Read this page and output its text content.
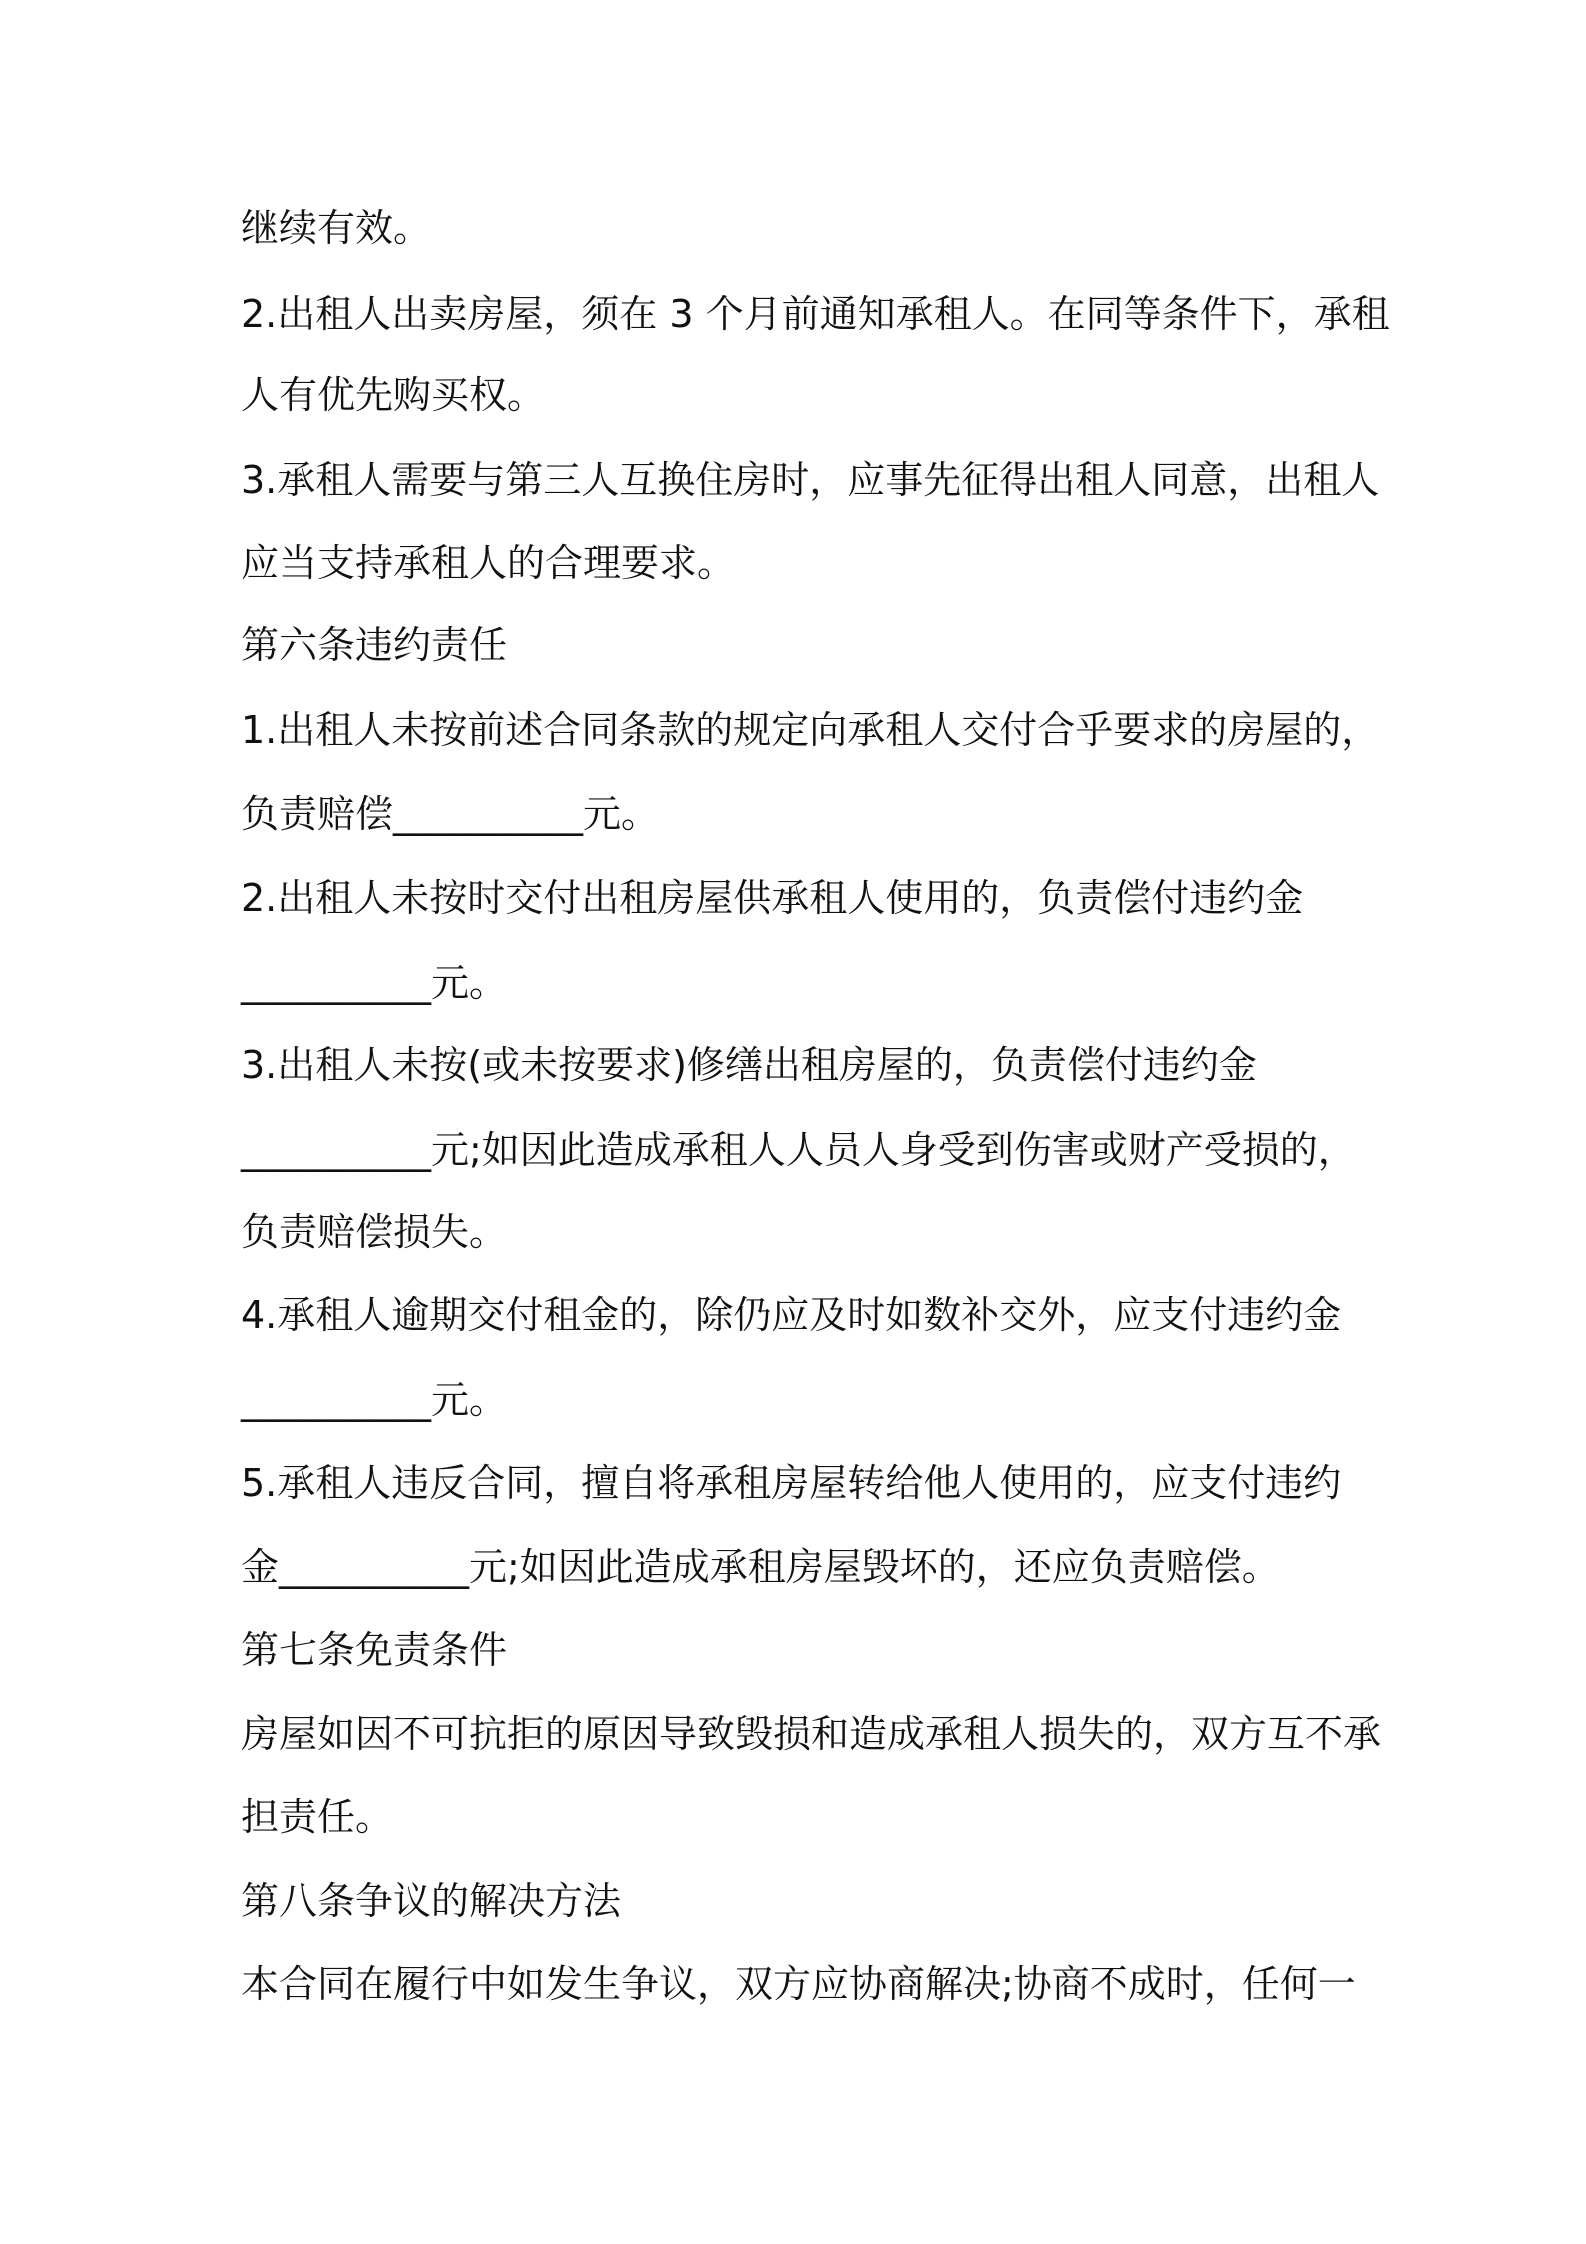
继续有效。
2.出租人出卖房屋，须在 3 个月前通知承租人。在同等条件下，承租
人有优先购买权。
3.承租人需要与第三人互换住房时，应事先征得出租人同意，出租人
应当支持承租人的合理要求。
第六条违约责任
1.出租人未按前述合同条款的规定向承租人交付合乎要求的房屋的，
负责赔偿__________元。
2.出租人未按时交付出租房屋供承租人使用的，负责偿付违约金
__________元。
3.出租人未按(或未按要求)修缮出租房屋的，负责偿付违约金
__________元;如因此造成承租人人员人身受到伤害或财产受损的，
负责赔偿损失。
4.承租人逾期交付租金的，除仍应及时如数补交外，应支付违约金
__________元。
5.承租人违反合同，擅自将承租房屋转给他人使用的，应支付违约
金__________元;如因此造成承租房屋毁坏的，还应负责赔偿。
第七条免责条件
房屋如因不可抗拒的原因导致毁损和造成承租人损失的，双方互不承
担责任。
第八条争议的解决方法
本合同在履行中如发生争议，双方应协商解决;协商不成时，任何一
